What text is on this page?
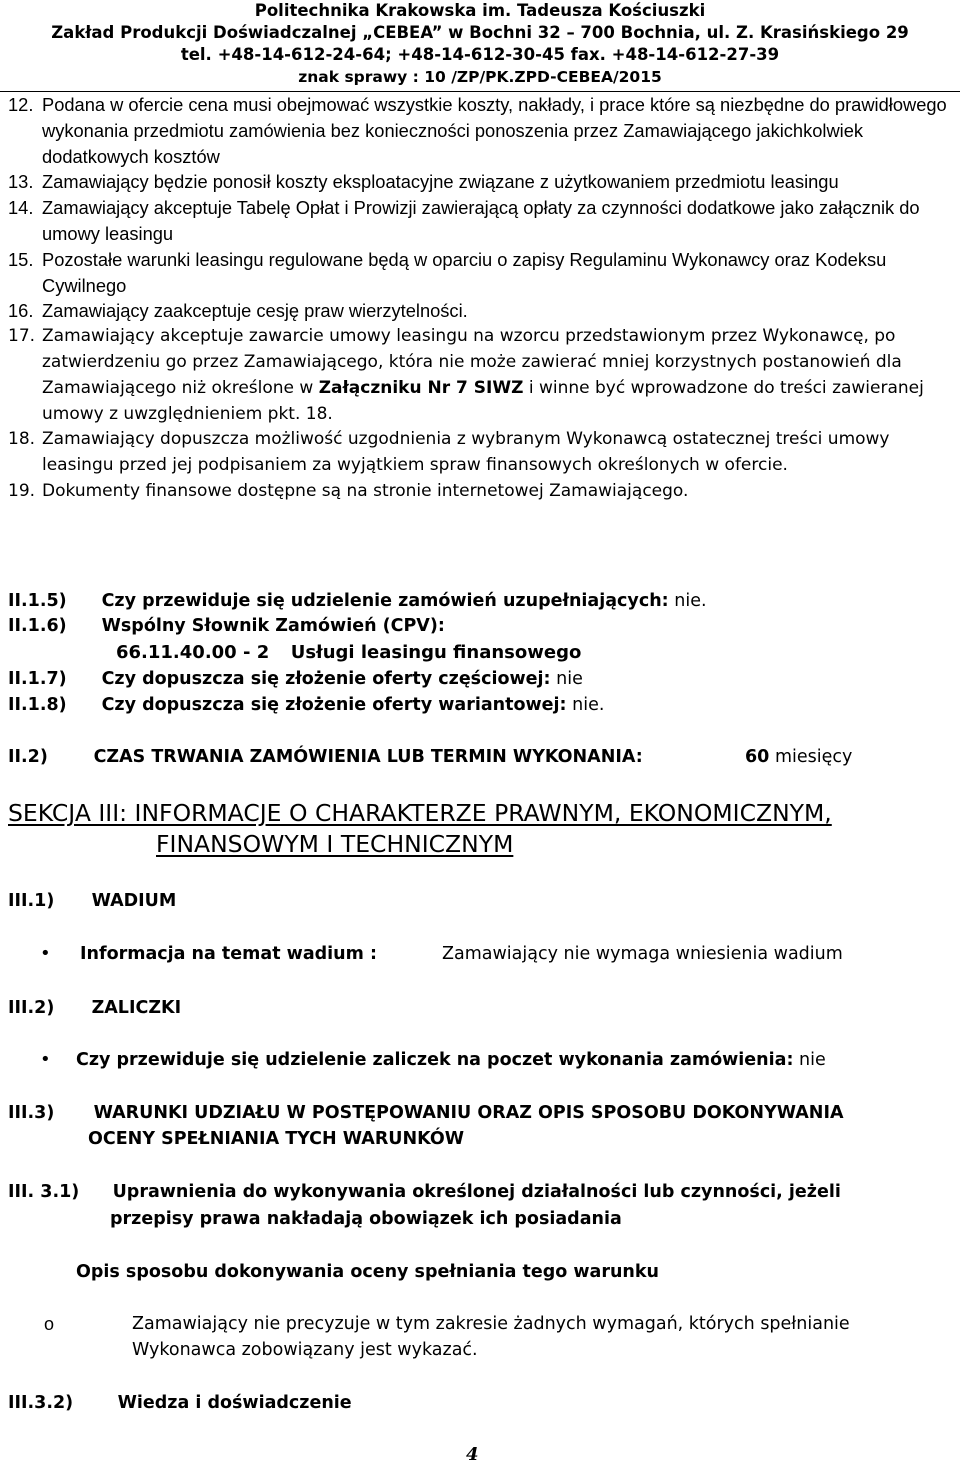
Politechnika Krakowska im. Tadeusza Kościuszki
Zakład Produkcji Doświadczalnej „CEBEA” w Bochni 32 – 700 Bochnia, ul. Z. Krasińskiego 29
tel. +48-14-612-24-64; +48-14-612-30-45 fax. +48-14-612-27-39
znak sprawy : 10 /ZP/PK.ZPD-CEBEA/2015
12. Podana w ofercie cena musi obejmować wszystkie koszty, nakłady, i prace które są niezbędne do prawidłowego wykonania przedmiotu zamówienia bez konieczności ponoszenia przez Zamawiającego jakichkolwiek dodatkowych kosztów
13. Zamawiający będzie ponosił koszty eksploatacyjne związane z użytkowaniem przedmiotu leasingu
14. Zamawiający akceptuje Tabelę Opłat i Prowizji zawierającą opłaty za czynności dodatkowe jako załącznik do umowy leasingu
15. Pozostałe warunki leasingu regulowane będą w oparciu o zapisy Regulaminu Wykonawcy oraz Kodeksu Cywilnego
16. Zamawiający zaakceptuje cesję praw wierzytelności.
17. Zamawiający akceptuje zawarcie umowy leasingu na wzorcu przedstawionym przez Wykonawcę, po zatwierdzeniu go przez Zamawiającego, która nie może zawierać mniej korzystnych postanowień dla Zamawiającego niż określone w Załączniku Nr 7 SIWZ i winne być wprowadzone do treści zawieranej umowy z uwzględnieniem pkt. 18.
18. Zamawiający dopuszcza możliwość uzgodnienia z wybranym Wykonawcą ostatecznej treści umowy leasingu przed jej podpisaniem za wyjątkiem spraw finansowych określonych w ofercie.
19. Dokumenty finansowe dostępne są na stronie internetowej Zamawiającego.
II.1.5) Czy przewiduje się udzielenie zamówień uzupełniających: nie.
II.1.6) Wspólny Słownik Zamówień (CPV):
66.11.40.00 - 2 Usługi leasingu finansowego
II.1.7) Czy dopuszcza się złożenie oferty częściowej: nie
II.1.8) Czy dopuszcza się złożenie oferty wariantowej: nie.
II.2)	CZAS TRWANIA ZAMÓWIENIA LUB TERMIN WYKONANIA:	60 miesięcy
SEKCJA III: INFORMACJE O CHARAKTERZE PRAWNYM, EKONOMICZNYM,
FINANSOWYM I TECHNICZNYM
III.1) WADIUM
• Informacja na temat wadium :	Zamawiający nie wymaga wniesienia wadium
III.2) ZALICZKI
• Czy przewiduje się udzielenie zaliczek na poczet wykonania zamówienia: nie
III.3) WARUNKI UDZIAŁU W POSTĘPOWANIU ORAZ OPIS SPOSOBU DOKONYWANIA
OCENY SPEŁNIANIA TYCH WARUNKÓW
III. 3.1) Uprawnienia do wykonywania określonej działalności lub czynności, jeżeli
przepisy prawa nakładają obowiązek ich posiadania
Opis sposobu dokonywania oceny spełniania tego warunku
o	Zamawiający nie precyzuje w tym zakresie żadnych wymagań, których spełnianie
Wykonawca zobowiązany jest wykazać.
III.3.2)	Wiedza i doświadczenie
4
